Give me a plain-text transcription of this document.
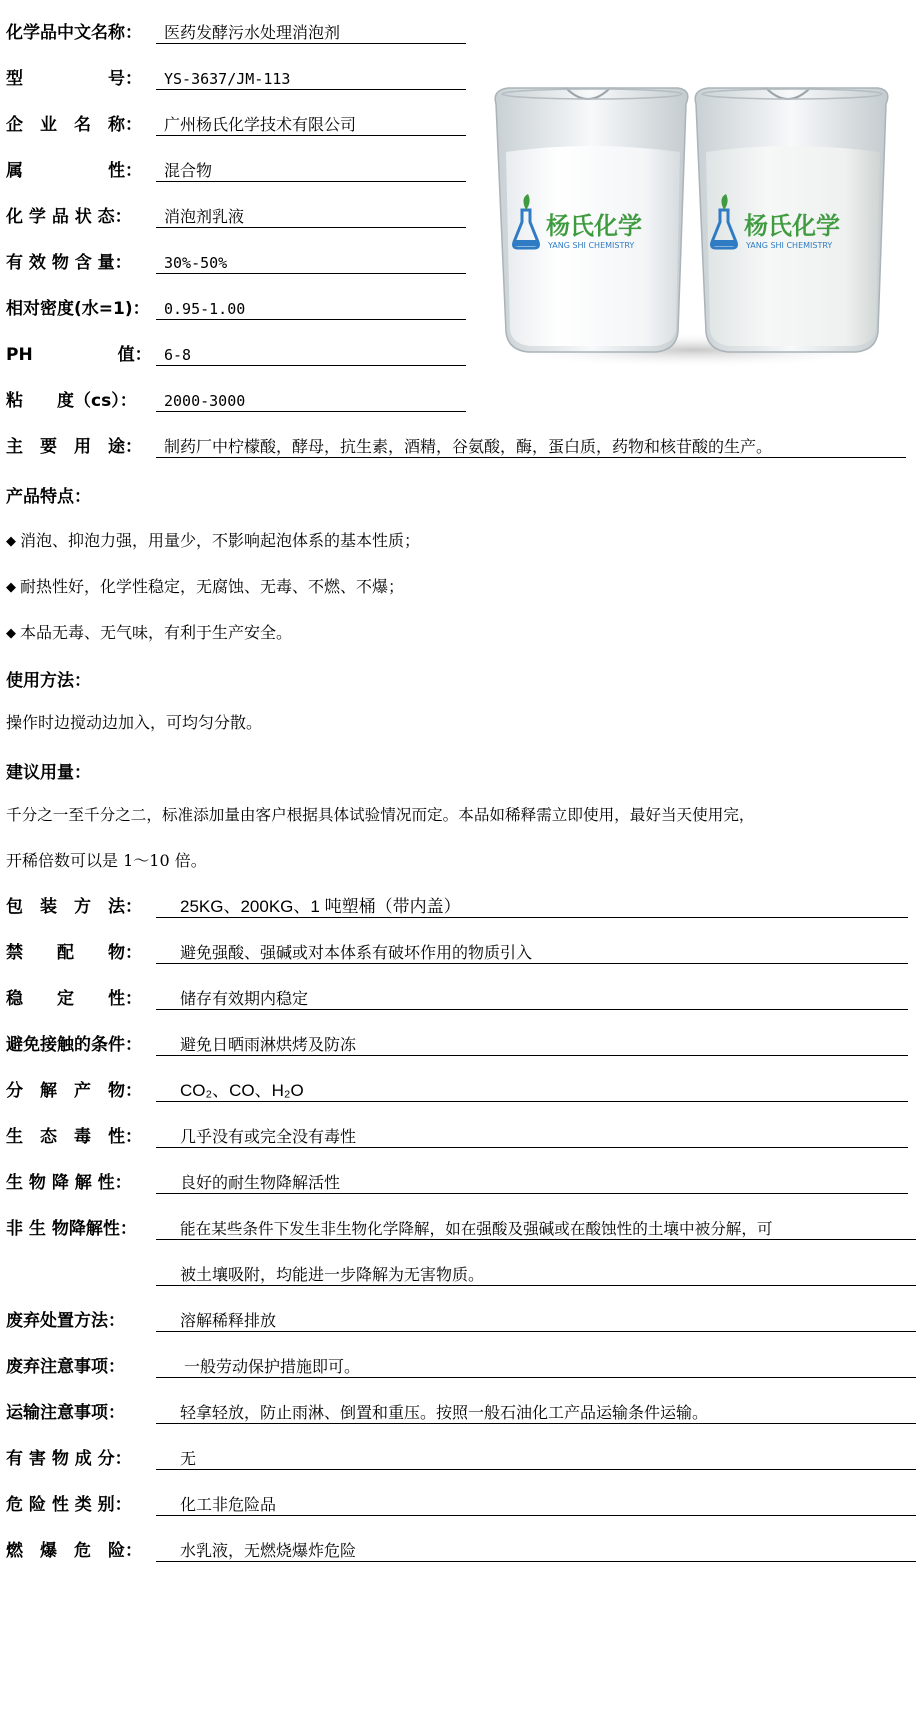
化学品中文名称：	医药发酵污水处理消泡剂
型　　　　　号：	YS-3637/JM-113
企　业　名　称：	广州杨氏化学技术有限公司
属　　　　　性：	混合物
化 学 品 状 态：	消泡剂乳液
有 效 物 含 量：	30%-50%
相对密度(水=1)： 0.95-1.00
PH　　　　　值： 6-8
粘　　度（cs）：	2000-3000
主　要　用　途：	制药厂中柠檬酸，酵母，抗生素，酒精，谷氨酸，酶，蛋白质，药物和核苷酸的生产。
杨氏化学
YANG SHI CHEMISTRY
杨氏化学
YANG SHI CHEMISTRY
产品特点：
◆ 消泡、抑泡力强，用量少，不影响起泡体系的基本性质；
◆ 耐热性好，化学性稳定，无腐蚀、无毒、不燃、不爆；
◆ 本品无毒、无气味，有利于生产安全。
使用方法：
操作时边搅动边加入，可均匀分散。
建议用量：
千分之一至千分之二，标准添加量由客户根据具体试验情况而定。本品如稀释需立即使用，最好当天使用完，
开稀倍数可以是 1～10 倍。
包　装　方　法：	25KG、200KG、1 吨塑桶（带内盖）
禁　　配　　物：	避免强酸、强碱或对本体系有破坏作用的物质引入
稳　　定　　性：	储存有效期内稳定
避免接触的条件：	避免日晒雨淋烘烤及防冻
分　解　产　物：	CO₂、CO、H₂O
生　态　毒　性：	几乎没有或完全没有毒性
生 物 降 解 性：	良好的耐生物降解活性
非 生 物降解性：	能在某些条件下发生非生物化学降解，如在强酸及强碱或在酸蚀性的土壤中被分解，可
被土壤吸附，均能进一步降解为无害物质。
废弃处置方法：	溶解稀释排放
废弃注意事项：	一般劳动保护措施即可。
运输注意事项：	轻拿轻放，防止雨淋、倒置和重压。按照一般石油化工产品运输条件运输。
有 害 物 成 分：	无
危 险 性 类 别：	化工非危险品
燃　爆　危　险：	水乳液，无燃烧爆炸危险
